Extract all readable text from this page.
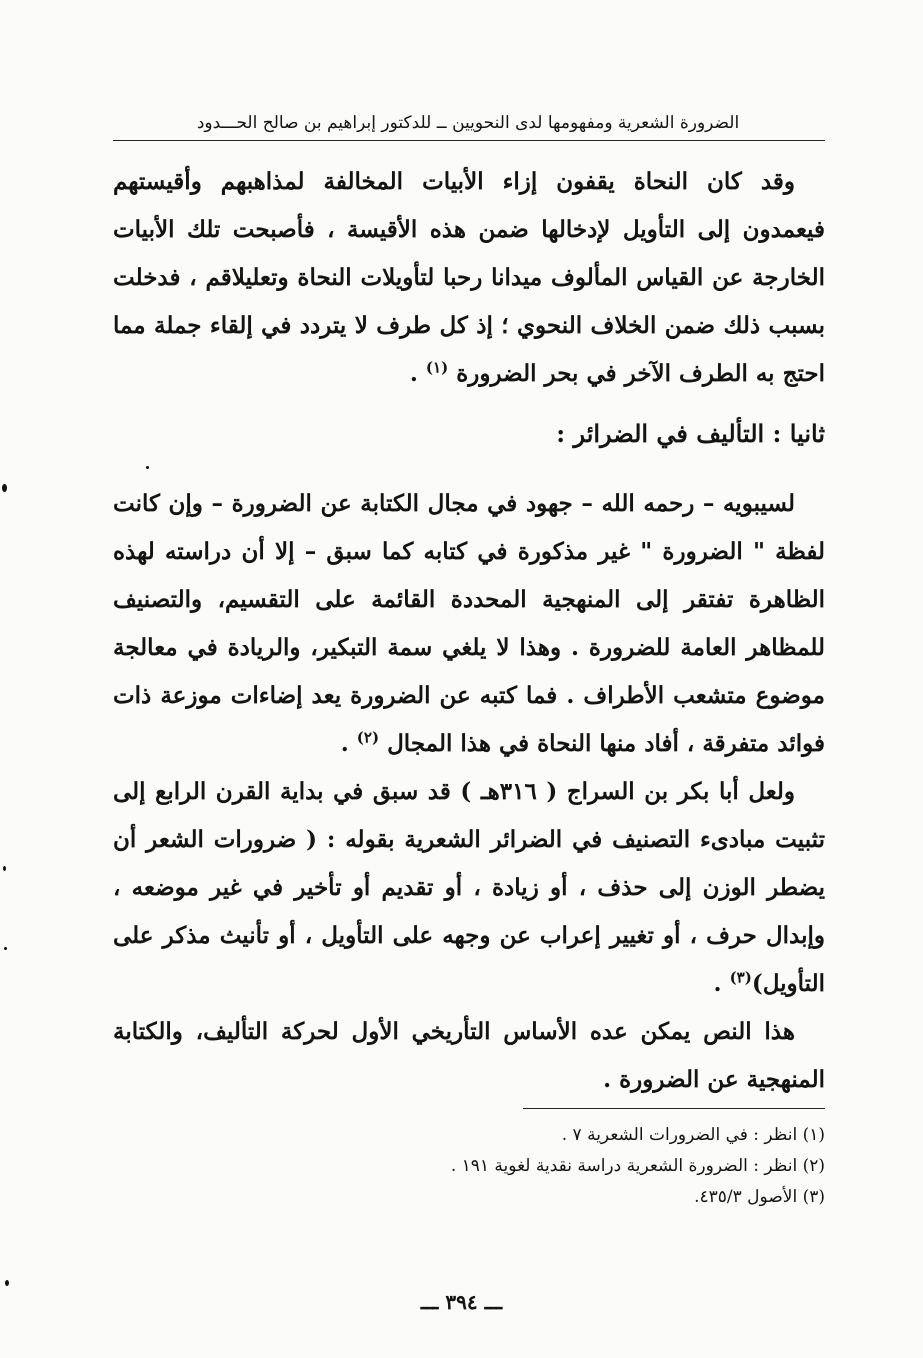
الضرورة الشعرية ومفهومها لدى النحويين ــ للدكتور إبراهيم بن صالح الحـــدود

وقد كان النحاة يقفون إزاء الأبيات المخالفة لمذاهبهم وأقيستهم فيعمدون إلى التأويل لإدخالها ضمن هذه الأقيسة ، فأصبحت تلك الأبيات الخارجة عن القياس المألوف ميدانا رحبا لتأويلات النحاة وتعليلاقم ، فدخلت بسبب ذلك ضمن الخلاف النحوي ؛ إذ كل طرف لا يتردد في إلقاء جملة مما احتج به الطرف الآخر في بحر الضرورة $^{(١)}$ .

ثانيا : التأليف في الضرائر :

لسيبويه – رحمه الله – جهود في مجال الكتابة عن الضرورة – وإن كانت لفظة " الضرورة " غير مذكورة في كتابه كما سبق – إلا أن دراسته لهذه الظاهرة تفتقر إلى المنهجية المحددة القائمة على التقسيم، والتصنيف للمظاهر العامة للضرورة . وهذا لا يلغي سمة التبكير، والريادة في معالجة موضوع متشعب الأطراف . فما كتبه عن الضرورة يعد إضاءات موزعة ذات فوائد متفرقة ، أفاد منها النحاة في هذا المجال $^{(٢)}$ .

ولعل أبا بكر بن السراج ( ٣١٦هـ ) قد سبق في بداية القرن الرابع إلى تثبيت مبادىء التصنيف في الضرائر الشعرية بقوله : ( ضرورات الشعر أن يضطر الوزن إلى حذف ، أو زيادة ، أو تقديم أو تأخير في غير موضعه ، وإبدال حرف ، أو تغيير إعراب عن وجهه على التأويل ، أو تأنيث مذكر على التأويل)$^{(٣)}$ .

هذا النص يمكن عده الأساس التأريخي الأول لحركة التأليف، والكتابة المنهجية عن الضرورة .

(١) انظر : في الضرورات الشعرية ٧ .
(٢) انظر : الضرورة الشعرية دراسة نقدية لغوية ١٩١ .
(٣) الأصول ٤٣٥/٣.
ـــ ٣٩٤ ـــ
